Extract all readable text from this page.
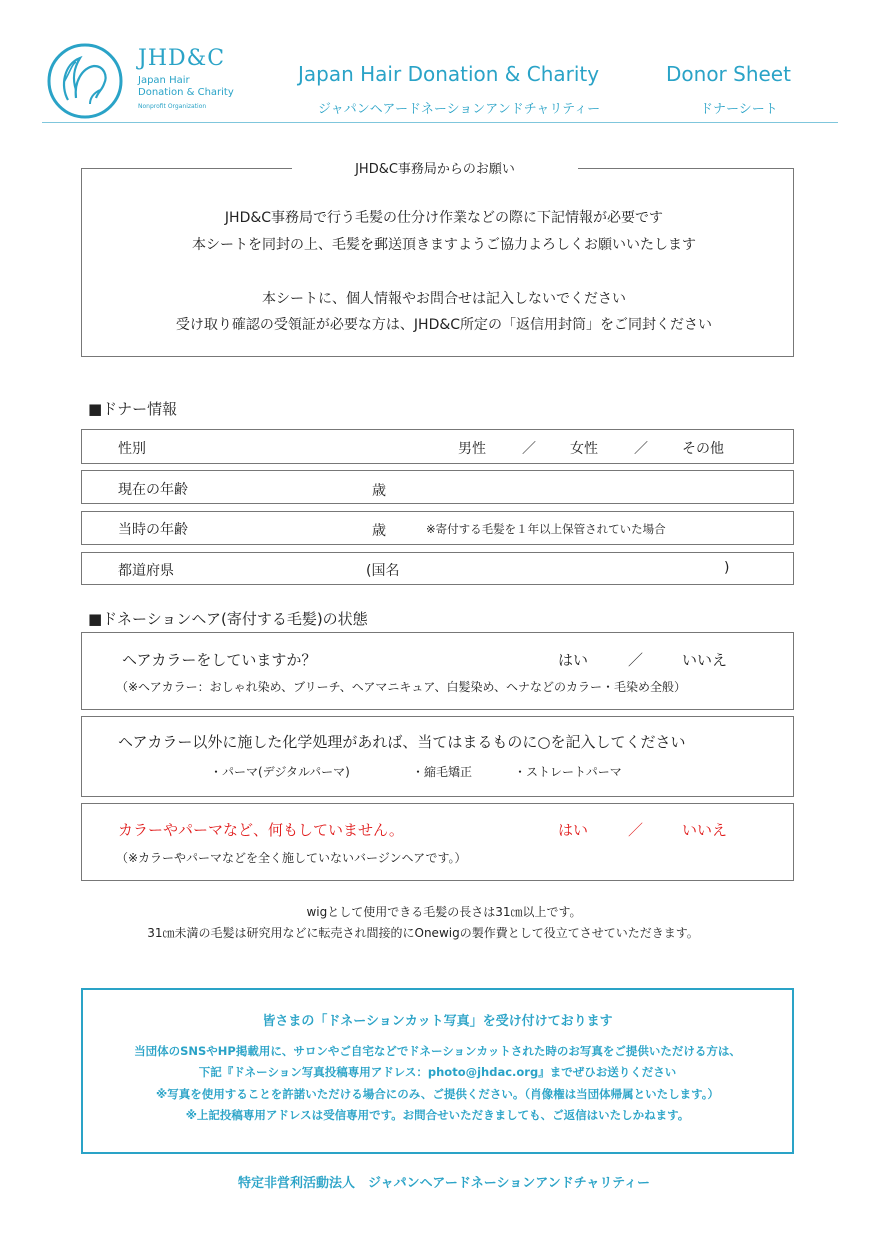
JHD&C
Japan Hair
Donation & Charity
Nonprofit Organization
Japan Hair Donation & Charity	Donor Sheet
ジャパンヘアードネーションアンドチャリティー	ドナーシート
JHD&C事務局からのお願い
JHD&C事務局で行う毛髪の仕分け作業などの際に下記情報が必要です
本シートを同封の上、毛髪を郵送頂きますようご協力よろしくお願いいたします
本シートに、個人情報やお問合せは記入しないでください
受け取り確認の受領証が必要な方は、JHD&C所定の「返信用封筒」をご同封ください
■ドナー情報
性別	男性	／ 女性	／ その他
現在の年齢	歳
当時の年齢	歳	※寄付する毛髪を１年以上保管されていた場合
都道府県	(国名	)
■ドネーションヘア(寄付する毛髪)の状態
ヘアカラーをしていますか？	はい	／	いいえ
（※ヘアカラー：おしゃれ染め、ブリーチ、ヘアマニキュア、白髪染め、ヘナなどのカラー・毛染め全般）
ヘアカラー以外に施した化学処理があれば、当てはまるものに○を記入してください
・パーマ(デジタルパーマ)	・縮毛矯正	・ストレートパーマ
カラーやパーマなど、何もしていません。	はい	／	いいえ
（※カラーやパーマなどを全く施していないバージンヘアです。）
wigとして使用できる毛髪の長さは31㎝以上です。
31㎝未満の毛髪は研究用などに転売され間接的にOnewigの製作費として役立てさせていただきます。
皆さまの「ドネーションカット写真」を受け付けております
当団体のSNSやHP掲載用に、サロンやご自宅などでドネーションカットされた時のお写真をご提供いただける方は、
下記『ドネーション写真投稿専用アドレス：photo@jhdac.org』までぜひお送りください
※写真を使用することを許諾いただける場合にのみ、ご提供ください。（肖像権は当団体帰属といたします。）
※上記投稿専用アドレスは受信専用です。お問合せいただきましても、ご返信はいたしかねます。
特定非営利活動法人　ジャパンヘアードネーションアンドチャリティー
